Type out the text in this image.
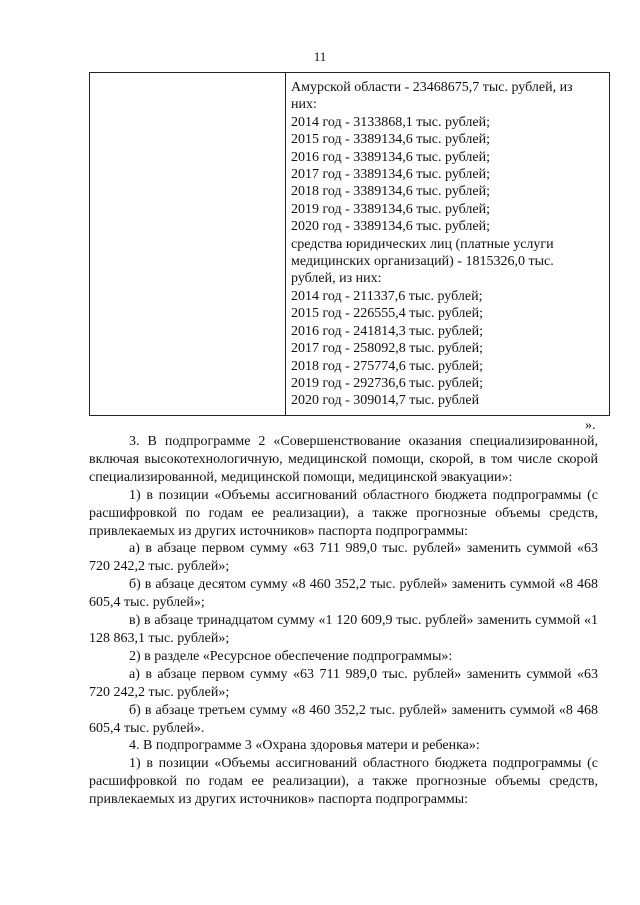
11
Амурской области - 23468675,7 тыс. рублей, из
них:
2014 год - 3133868,1 тыс. рублей;
2015 год - 3389134,6 тыс. рублей;
2016 год - 3389134,6 тыс. рублей;
2017 год - 3389134,6 тыс. рублей;
2018 год - 3389134,6 тыс. рублей;
2019 год - 3389134,6 тыс. рублей;
2020 год - 3389134,6 тыс. рублей;
средства юридических лиц (платные услуги
медицинских организаций) - 1815326,0 тыс.
рублей, из них:
2014 год - 211337,6 тыс. рублей;
2015 год - 226555,4 тыс. рублей;
2016 год - 241814,3 тыс. рублей;
2017 год - 258092,8 тыс. рублей;
2018 год - 275774,6 тыс. рублей;
2019 год - 292736,6 тыс. рублей;
2020 год - 309014,7 тыс. рублей
».
3. В подпрограмме 2 «Совершенствование оказания специализированной, включая высокотехнологичную, медицинской помощи, скорой, в том числе скорой специализированной, медицинской помощи, медицинской эвакуации»:
1) в позиции «Объемы ассигнований областного бюджета подпрограммы (с расшифровкой по годам ее реализации), а также прогнозные объемы средств, привлекаемых из других источников» паспорта подпрограммы:
а) в абзаце первом сумму «63 711 989,0 тыс. рублей» заменить суммой «63 720 242,2 тыс. рублей»;
б) в абзаце десятом сумму «8 460 352,2 тыс. рублей» заменить суммой «8 468 605,4 тыс. рублей»;
в) в абзаце тринадцатом сумму «1 120 609,9 тыс. рублей» заменить суммой «1 128 863,1 тыс. рублей»;
2) в разделе «Ресурсное обеспечение подпрограммы»:
а) в абзаце первом сумму «63 711 989,0 тыс. рублей» заменить суммой «63 720 242,2 тыс. рублей»;
б) в абзаце третьем сумму «8 460 352,2 тыс. рублей» заменить суммой «8 468 605,4 тыс. рублей».
4. В подпрограмме 3 «Охрана здоровья матери и ребенка»:
1) в позиции «Объемы ассигнований областного бюджета подпрограммы (с расшифровкой по годам ее реализации), а также прогнозные объемы средств, привлекаемых из других источников» паспорта подпрограммы:
